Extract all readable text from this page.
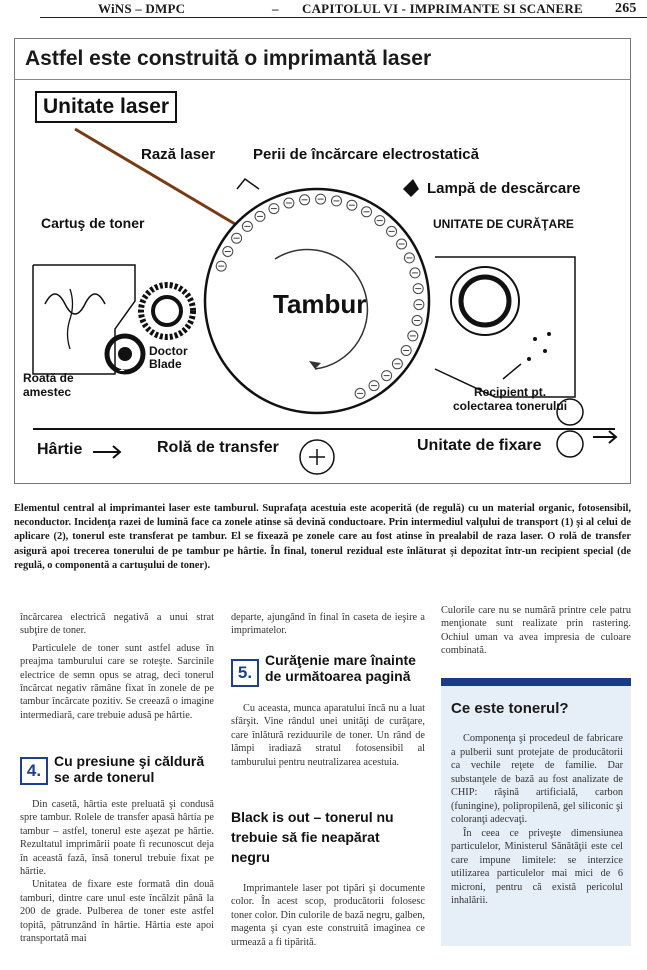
WiNS – DMPC	– CAPITOLUL VI - IMPRIMANTE SI SCANERE 265
Astfel este construită o imprimantă laser
Unitate laser
Rază laser	Perii de încărcare electrostatică
Lampă de descărcare
Cartuş de toner	UNITATE DE CURĂŢARE
Tambur
Doctor
Blade
Roată de
amestec	Recipient pt.
colectarea tonerului
Hârtie	Rolă de transfer	Unitate de fixare
1
2
Elementul central al imprimantei laser este tamburul. Suprafaţa acestuia este acoperită (de regulă) cu un material organic, fotosensibil, neconductor. Incidenţa razei de lumină face ca zonele atinse să devină conductoare. Prin intermediul valţului de transport (1) şi al celui de aplicare (2), tonerul este transferat pe tambur. El se fixează pe zonele care au fost atinse în prealabil de raza laser. O rolă de transfer asigură apoi trecerea tonerului de pe tambur pe hârtie. În final, tonerul rezidual este înlăturat şi depozitat într-un recipient special (de regulă, o componentă a cartuşului de toner).

încărcarea electrică negativă a unui strat subţire de toner.

Particulele de toner sunt astfel aduse în preajma tamburului care se roteşte. Sarcinile electrice de semn opus se atrag, deci tonerul încărcat negativ rămâne fixat în zonele de pe tambur încărcate pozitiv. Se creează o imagine intermediară, care trebuie adusă pe hârtie.

4. Cu presiune şi căldură se arde tonerul

Din casetă, hârtia este preluată şi condusă spre tambur. Rolele de transfer apasă hârtia pe tambur – astfel, tonerul este aşezat pe hârtie. Rezultatul imprimării poate fi recunoscut deja în această fază, însă tonerul trebuie fixat pe hârtie.

Unitatea de fixare este formată din două tamburi, dintre care unul este încălzit până la 200 de grade. Pulberea de toner este astfel topită, pătrunzând în hârtie. Hârtia este apoi transportată mai

departe, ajungând în final în caseta de ieşire a imprimatelor.

5.
Curăţenie mare înainte de următoarea pagină

Cu aceasta, munca aparatului încă nu a luat sfârşit. Vine rândul unei unităţi de curăţare, care înlătură reziduurile de toner. Un rând de lămpi iradiază stratul fotosensibil al tamburului pentru neutralizarea acestuia.

Black is out – tonerul nu trebuie să fie neapărat negru

Imprimantele laser pot tipări şi documente color. În acest scop, producătorii folosesc toner color. Din culorile de bază negru, galben, magenta şi cyan este construită imaginea ce urmează a fi tipărită.

Culorile care nu se numără printre cele patru menţionate sunt realizate prin rastering. Ochiul uman va avea impresia de culoare combinată.

Ce este tonerul?

Componenţa şi procedeul de fabricare a pulberii sunt protejate de producătorii ca vechile reţete de familie. Dar substanţele de bază au fost analizate de CHIP: răşină artificială, carbon (funingine), polipropilenă, gel siliconic şi coloranţi adecvaţi.

În ceea ce priveşte dimensiunea particulelor, Ministerul Sănătăţii este cel care impune limitele: se interzice utilizarea particulelor mai mici de 6 microni, pentru că există pericolul inhalării.
